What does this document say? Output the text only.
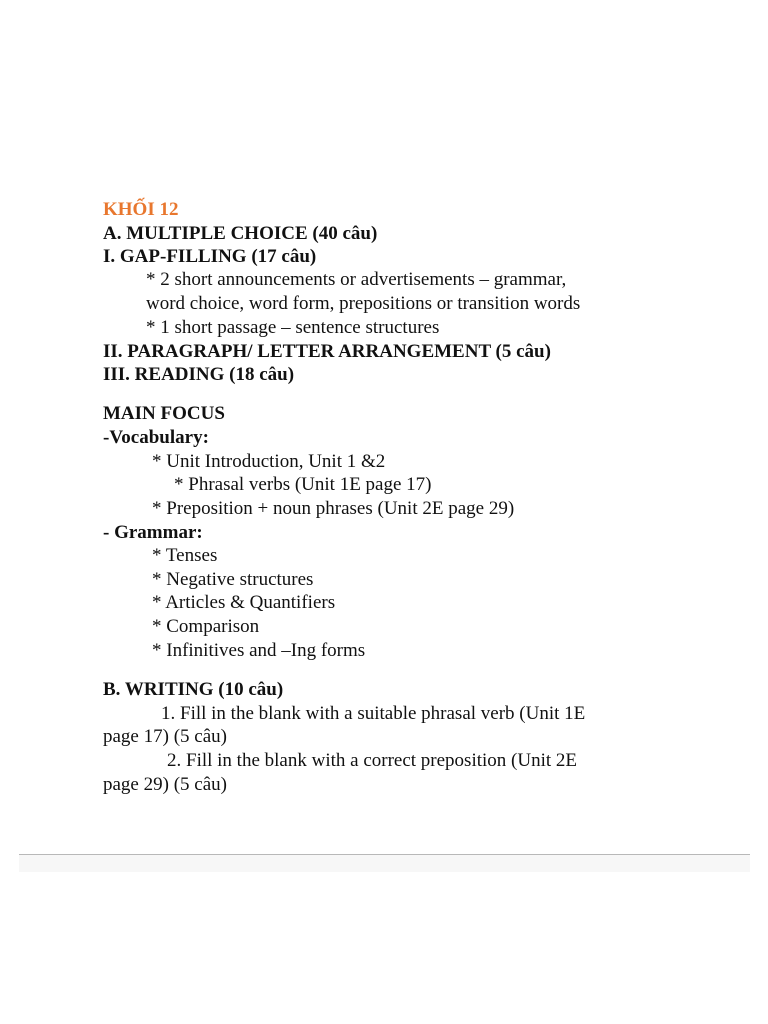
KHỐI 12
A. MULTIPLE CHOICE (40 câu)
I. GAP-FILLING (17 câu)
* 2 short announcements or advertisements – grammar,
word choice, word form, prepositions or transition words
* 1 short passage – sentence structures
II. PARAGRAPH/ LETTER ARRANGEMENT (5 câu)
III. READING (18 câu)
MAIN FOCUS
-Vocabulary:
* Unit Introduction, Unit 1 &2
* Phrasal verbs (Unit 1E page 17)
* Preposition + noun phrases (Unit 2E page 29)
- Grammar:
* Tenses
* Negative structures
* Articles & Quantifiers
* Comparison
* Infinitives and –Ing forms
B. WRITING (10 câu)
1. Fill in the blank with a suitable phrasal verb (Unit 1E
page 17) (5 câu)
2. Fill in the blank with a correct preposition (Unit 2E
page 29) (5 câu)
